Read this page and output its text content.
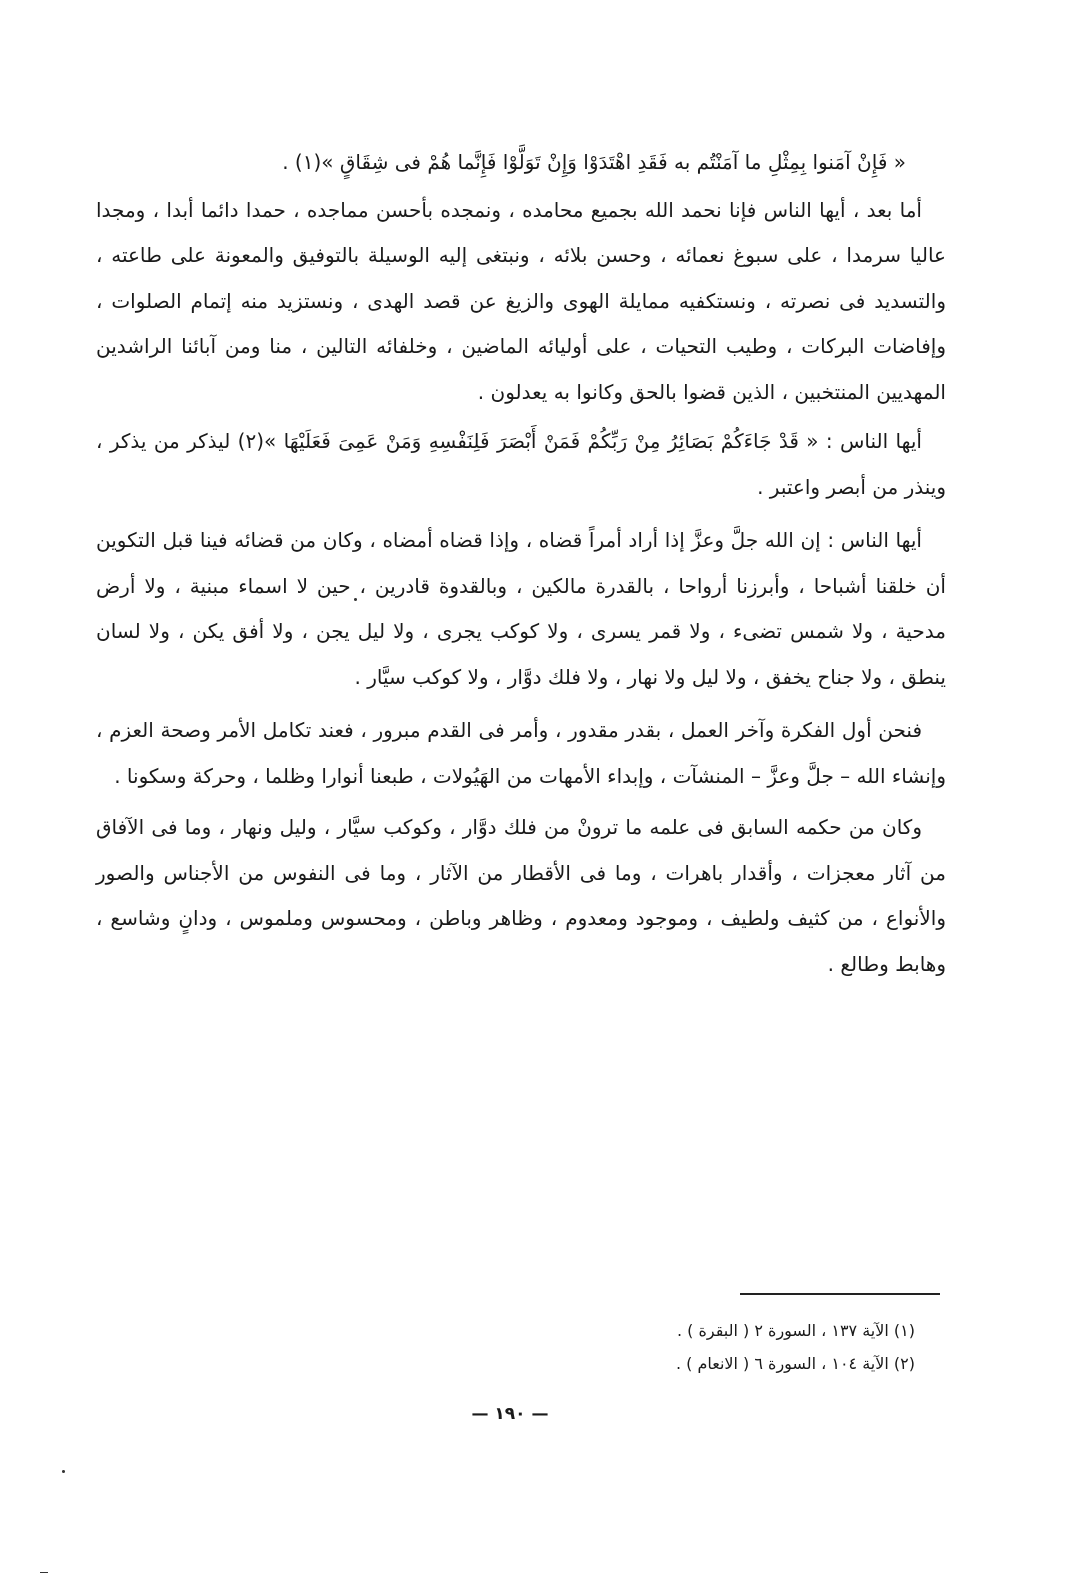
« فَإِنْ آمَنوا بِمِثْلِ ما آمَنْتُم به فَقَدِ اهْتَدَوْا وَإِنْ تَوَلَّوْا فَإِنَّما هُمْ فى شِقَاقٍ »(١) .

أما بعد ، أيها الناس فإنا نحمد الله بجميع محامده ، ونمجده بأحسن مماجده ، حمدا دائما أبدا ، ومجدا عاليا سرمدا ، على سبوغ نعمائه ، وحسن بلائه ، ونبتغى إليه الوسيلة بالتوفيق والمعونة على طاعته ، والتسديد فى نصرته ، ونستكفيه ممايلة الهوى والزيغ عن قصد الهدى ، ونستزيد منه إتمام الصلوات ، وإفاضات البركات ، وطيب التحيات ، على أوليائه الماضين ، وخلفائه التالين ، منا ومن آبائنا الراشدين المهديين المنتخبين ، الذين قضوا بالحق وكانوا به يعدلون .

أيها الناس : « قَدْ جَاءَكُمْ بَصَائِرُ مِنْ رَبِّكُمْ فَمَنْ أَبْصَرَ فَلِنَفْسِهِ وَمَنْ عَمِىَ فَعَلَيْهَا »(٢) ليذكر من يذكر ، وينذر من أبصر واعتبر .

أيها الناس : إن الله جلَّ وعزَّ إذا أراد أمراً قضاه ، وإذا قضاه أمضاه ، وكان من قضائه فينا قبل التكوين أن خلقنا أشباحا ، وأبرزنا أرواحا ، بالقدرة مالكين ، وبالقدوة قادرين ، حين لا اسماء مبنية ، ولا أرض مدحية ، ولا شمس تضىء ، ولا قمر يسرى ، ولا كوكب يجرى ، ولا ليل يجن ، ولا أفق يكن ، ولا لسان ينطق ، ولا جناح يخفق ، ولا ليل ولا نهار ، ولا فلك دوَّار ، ولا كوكب سيَّار .

فنحن أول الفكرة وآخر العمل ، بقدر مقدور ، وأمر فى القدم مبرور ، فعند تكامل الأمر وصحة العزم ، وإنشاء الله – جلَّ وعزَّ – المنشآت ، وإبداء الأمهات من الهَيُولات ، طبعنا أنوارا وظلما ، وحركة وسكونا .

وكان من حكمه السابق فى علمه ما ترونْ من فلك دوَّار ، وكوكب سيَّار ، وليل ونهار ، وما فى الآفاق من آثار معجزات ، وأقدار باهرات ، وما فى الأقطار من الآثار ، وما فى النفوس من الأجناس والصور والأنواع ، من كثيف ولطيف ، وموجود ومعدوم ، وظاهر وباطن ، ومحسوس وملموس ، ودانٍ وشاسع ، وهابط وطالع .

(١) الآية ١٣٧ ، السورة ٢ ( البقرة ) .

(٢) الآية ١٠٤ ، السورة ٦ ( الانعام ) .

— ١٩٠ —
